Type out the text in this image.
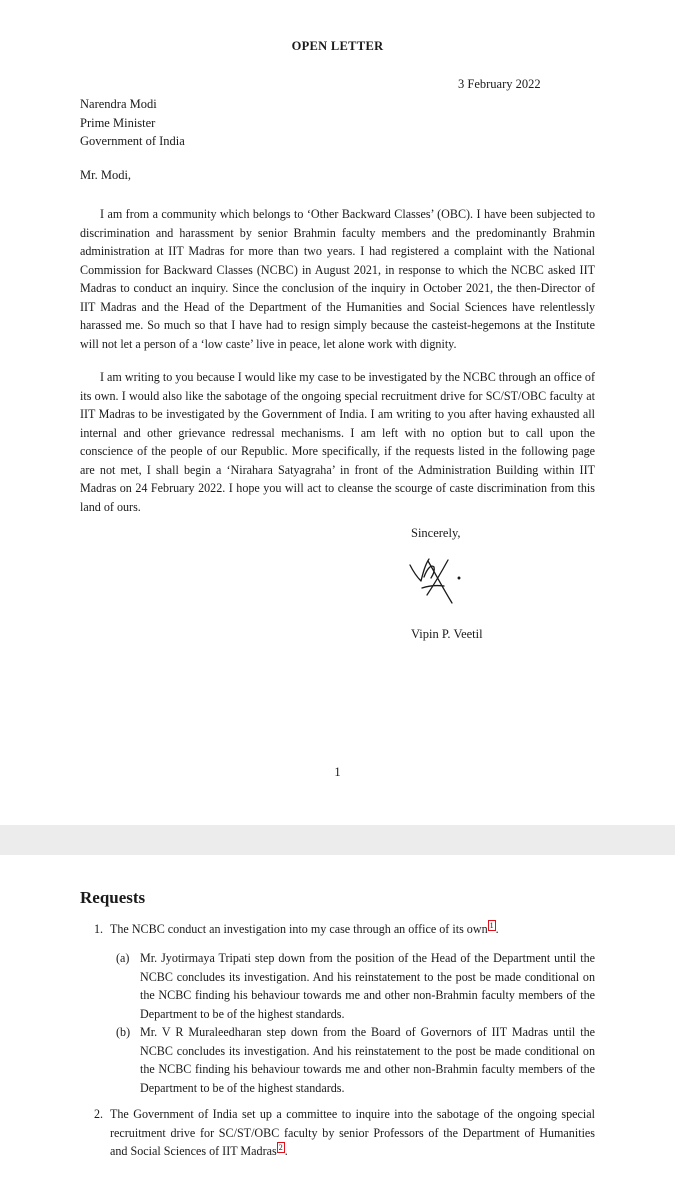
OPEN LETTER
3 February 2022
Narendra Modi
Prime Minister
Government of India
Mr. Modi,

I am from a community which belongs to ‘Other Backward Classes’ (OBC). I have been subjected to discrimination and harassment by senior Brahmin faculty members and the predominantly Brahmin administration at IIT Madras for more than two years. I had registered a complaint with the National Commission for Backward Classes (NCBC) in August 2021, in response to which the NCBC asked IIT Madras to conduct an inquiry. Since the conclusion of the inquiry in October 2021, the then-Director of IIT Madras and the Head of the Department of the Humanities and Social Sciences have relentlessly harassed me. So much so that I have had to resign simply because the casteist-hegemons at the Institute will not let a person of a ‘low caste’ live in peace, let alone work with dignity.

I am writing to you because I would like my case to be investigated by the NCBC through an office of its own. I would also like the sabotage of the ongoing special recruitment drive for SC/ST/OBC faculty at IIT Madras to be investigated by the Government of India. I am writing to you after having exhausted all internal and other grievance redressal mechanisms. I am left with no option but to call upon the conscience of the people of our Republic. More specifically, if the requests listed in the following page are not met, I shall begin a ‘Nirahara Satyagraha’ in front of the Administration Building within IIT Madras on 24 February 2022. I hope you will act to cleanse the scourge of caste discrimination from this land of ours.

Sincerely,
Vipin P. Veetil
1
Requests
1. The NCBC conduct an investigation into my case through an office of its own 1 .
(a) Mr. Jyotirmaya Tripati step down from the position of the Head of the Department until the NCBC concludes its investigation. And his reinstatement to the post be made conditional on the NCBC finding his behaviour towards me and other non-Brahmin faculty members of the Department to be of the highest standards.
(b) Mr. V R Muraleedharan step down from the Board of Governors of IIT Madras until the NCBC concludes its investigation. And his reinstatement to the post be made conditional on the NCBC finding his behaviour towards me and other non-Brahmin faculty members of the Department to be of the highest standards.
2. The Government of India set up a committee to inquire into the sabotage of the ongoing special recruitment drive for SC/ST/OBC faculty by senior Professors of the Department of Humanities and Social Sciences of IIT Madras 2 .
